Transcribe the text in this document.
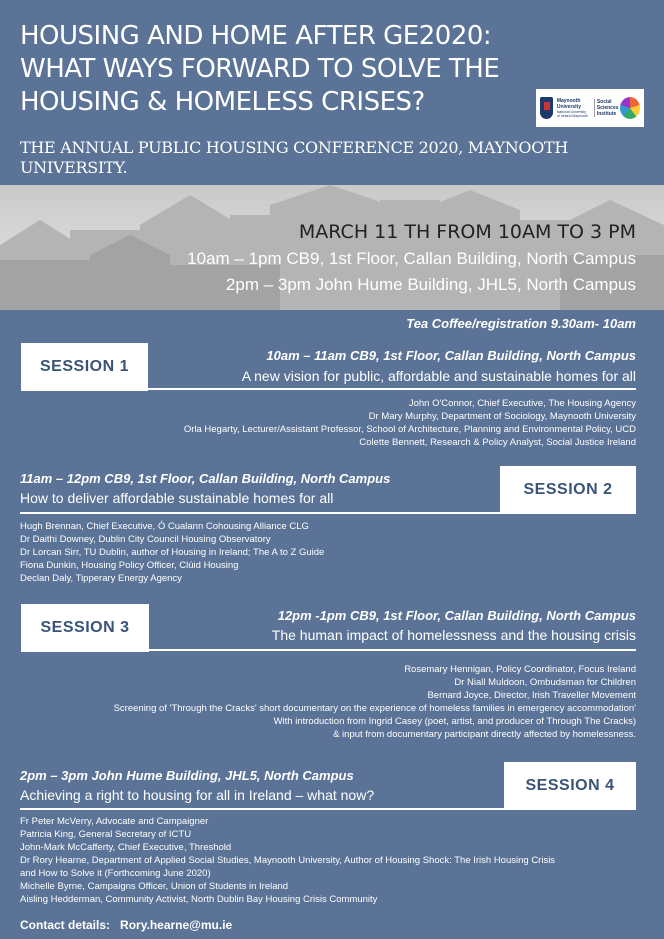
HOUSING AND HOME AFTER GE2020:
WHAT WAYS FORWARD TO SOLVE THE
HOUSING & HOMELESS CRISES?	Maynooth University
National University of Ireland Maynooth
Social Sciences Institute
THE ANNUAL PUBLIC HOUSING CONFERENCE 2020, MAYNOOTH UNIVERSITY.
MARCH 11 TH FROM 10AM TO 3 PM
10am – 1pm CB9, 1st Floor, Callan Building, North Campus
2pm – 3pm John Hume Building, JHL5, North Campus
Tea Coffee/registration 9.30am- 10am
SESSION 1
10am – 11am CB9, 1st Floor, Callan Building, North Campus
A new vision for public, affordable and sustainable homes for all
John O'Connor, Chief Executive, The Housing Agency
Dr Mary Murphy, Department of Sociology, Maynooth University
Orla Hegarty, Lecturer/Assistant Professor, School of Architecture, Planning and Environmental Policy, UCD
Colette Bennett, Research & Policy Analyst, Social Justice Ireland
11am – 12pm CB9, 1st Floor, Callan Building, North Campus
How to deliver affordable sustainable homes for all	SESSION 2
Hugh Brennan, Chief Executive, Ó Cualann Cohousing Alliance CLG
Dr Daithi Downey, Dublin City Council Housing Observatory
Dr Lorcan Sirr, TU Dublin, author of Housing in Ireland; The A to Z Guide
Fiona Dunkin, Housing Policy Officer, Clúid Housing
Declan Daly, Tipperary Energy Agency
SESSION 3
12pm -1pm CB9, 1st Floor, Callan Building, North Campus
The human impact of homelessness and the housing crisis
Rosemary Hennigan, Policy Coordinator, Focus Ireland
Dr Niall Muldoon, Ombudsman for Children
Bernard Joyce, Director, Irish Traveller Movement
Screening of 'Through the Cracks' short documentary on the experience of homeless families in emergency accommodation'
With introduction from Ingrid Casey (poet, artist, and producer of Through The Cracks)
& input from documentary participant directly affected by homelessness.
2pm – 3pm John Hume Building, JHL5, North Campus
Achieving a right to housing for all in Ireland – what now?
SESSION 4
Fr Peter McVerry, Advocate and Campaigner
Patricia King, General Secretary of ICTU
John-Mark McCafferty, Chief Executive, Threshold
Dr Rory Hearne, Department of Applied Social Studies, Maynooth University, Author of Housing Shock: The Irish Housing Crisis
and How to Solve it (Forthcoming June 2020)
Michelle Byrne, Campaigns Officer, Union of Students in Ireland
Aisling Hedderman, Community Activist, North Dublin Bay Housing Crisis Community
Contact details: Rory.hearne@mu.ie
